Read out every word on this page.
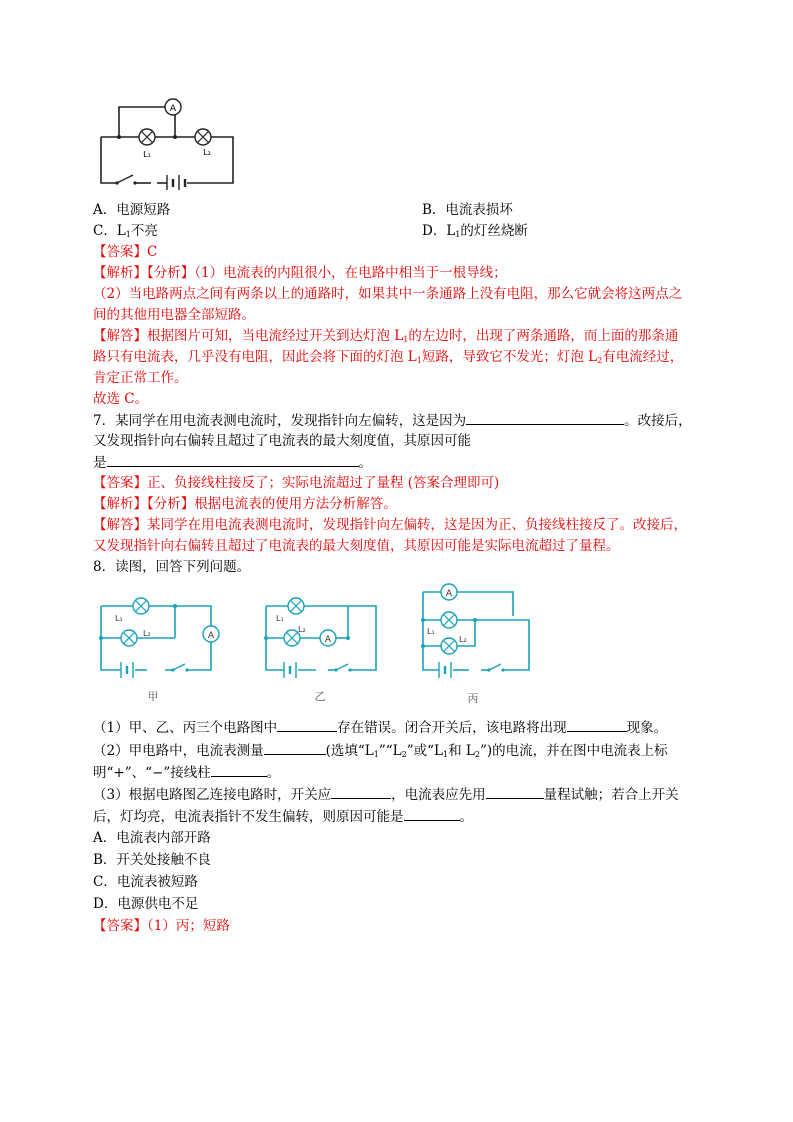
A
L₁	L₂
A．电源短路	B．电流表损坏
C．$L_1$不亮	D．$L_1$的灯丝烧断
【答案】C
【解析】【分析】（1）电流表的内阻很小，在电路中相当于一根导线；
（2）当电路两点之间有两条以上的通路时，如果其中一条通路上没有电阻，那么它就会将这两点之
间的其他用电器全部短路。
【解答】根据图片可知，当电流经过开关到达灯泡 $L_1$的左边时，出现了两条通路，而上面的那条通
路只有电流表，几乎没有电阻，因此会将下面的灯泡 $L_1$短路，导致它不发光；灯泡 $L_2$有电流经过，
肯定正常工作。
故选 C。
7．某同学在用电流表测电流时，发现指针向左偏转，这是因为	。改接后，
又发现指针向右偏转且超过了电流表的最大刻度值，其原因可能
是	。
【答案】正、负接线柱接反了；实际电流超过了量程 (答案合理即可)
【解析】【分析】根据电流表的使用方法分析解答。
【解答】某同学在用电流表测电流时，发现指针向左偏转，这是因为正、负接线柱接反了。改接后，
又发现指针向右偏转且超过了电流表的最大刻度值，其原因可能是实际电流超过了量程。
8．读图，回答下列问题。
L₁
L₂	A
甲
L₁
L₂
A
乙
A
L₁
L₂
丙
（1）甲、乙、丙三个电路图中	存在错误。闭合开关后，该电路将出现	现象。
（2）甲电路中，电流表测量	(选填“$L_1”“L_2$”或“$L_1$和 $L_2$”)的电流，并在图中电流表上标
明“+”、“−”接线柱	。
（3）根据电路图乙连接电路时，开关应	，电流表应先用	量程试触；若合上开关
后，灯均亮，电流表指针不发生偏转，则原因可能是	。
A．电流表内部开路
B．开关处接触不良
C．电流表被短路
D．电源供电不足
【答案】（1）丙；短路
